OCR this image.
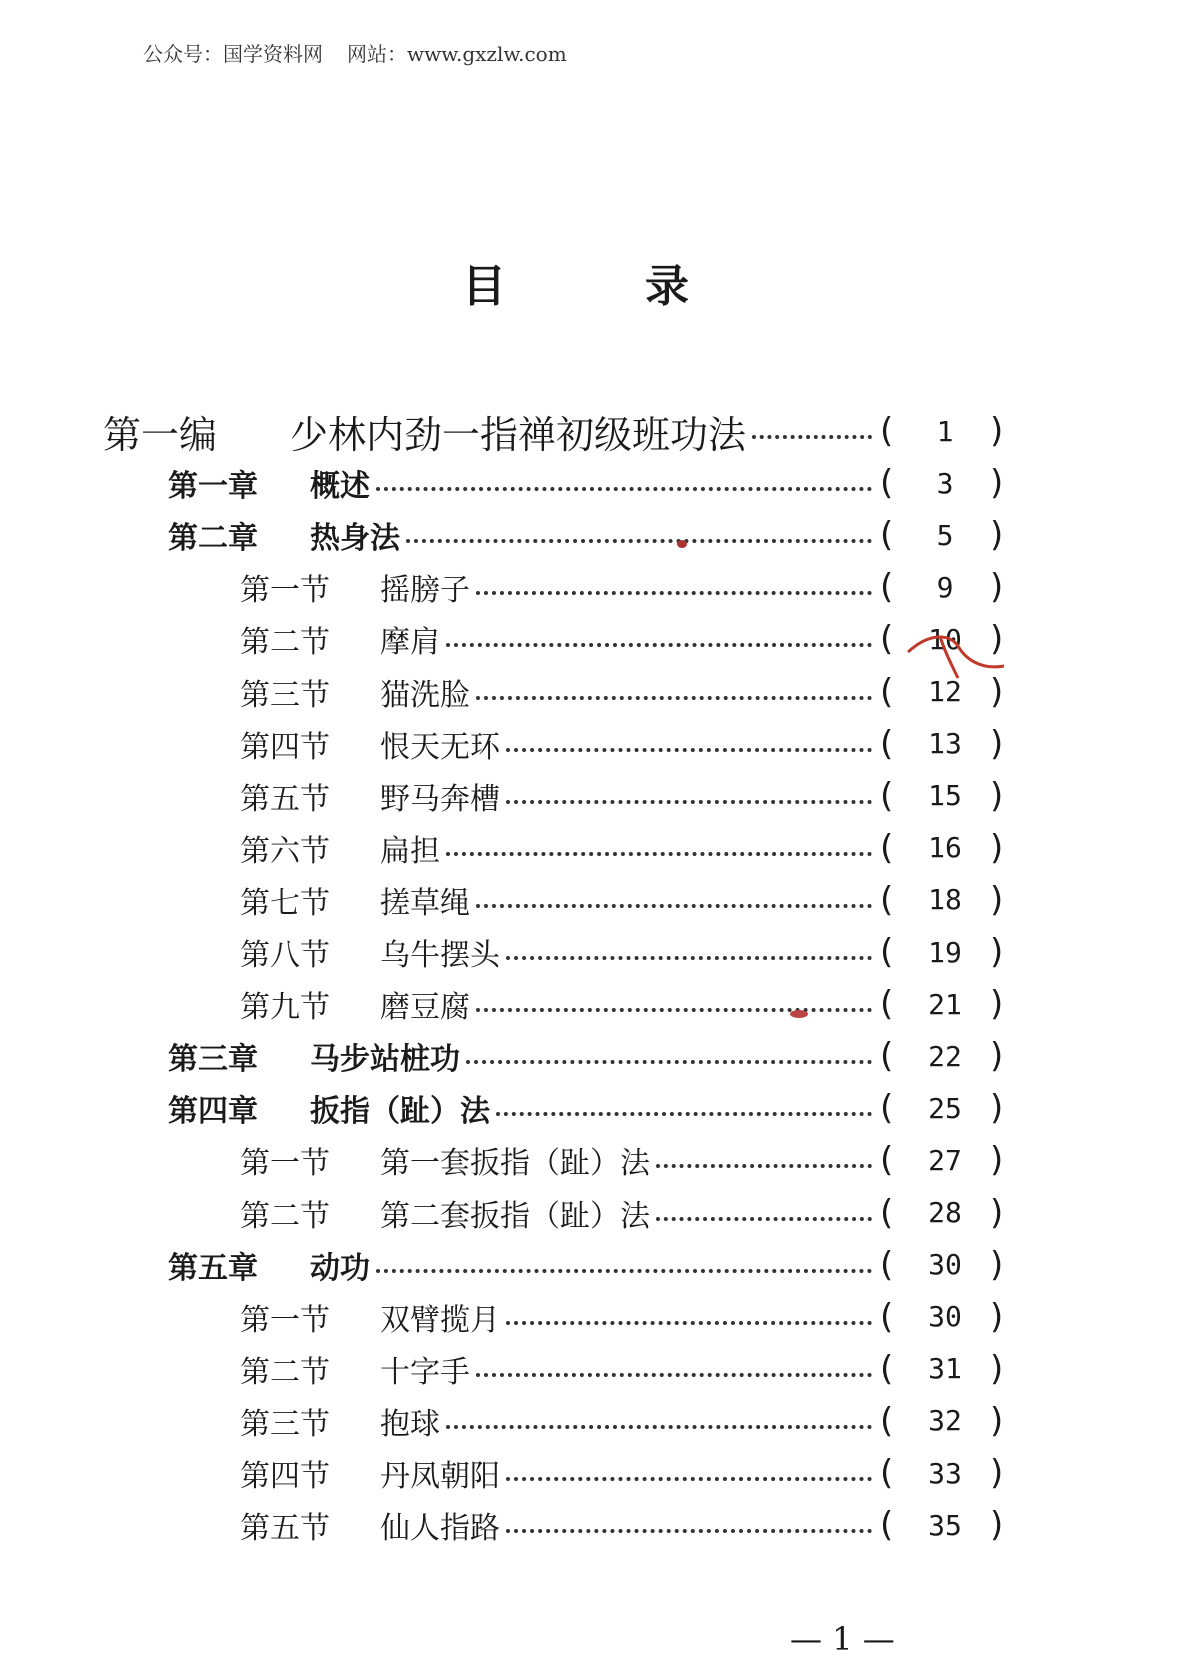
公众号：国学资料网 网站：www.gxzlw.com
目	录
第一编 少林内劲一指禅初级班功法	(	1	)
第一章 概述	(	3	)
第二章 热身法	(	5	)
第一节 摇膀子	(	9	)
第二节 摩肩	(	10 )
第三节 猫洗脸	(	12 )
第四节 恨天无环	(	13 )
第五节 野马奔槽	(	15 )
第六节 扁担	(	16 )
第七节 搓草绳	(	18 )
第八节 乌牛摆头	(	19 )
第九节 磨豆腐	(	21 )
第三章 马步站桩功	(	22 )
第四章 扳指（趾）法	(	25 )
第一节 第一套扳指（趾）法	(	27 )
第二节 第二套扳指（趾）法	(	28 )
第五章 动功	(	30 )
第一节 双臂揽月	(	30 )
第二节 十字手	(	31 )
第三节 抱球	(	32 )
第四节 丹凤朝阳	(	33 )
第五节 仙人指路	(	35 )
— 1 —
